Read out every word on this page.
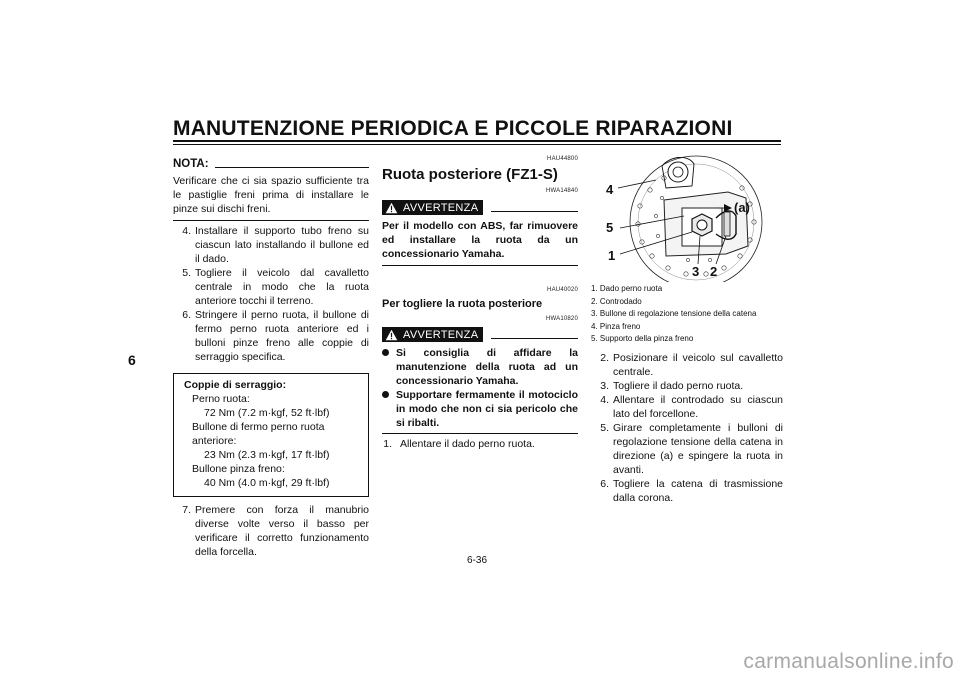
MANUTENZIONE PERIODICA E PICCOLE RIPARAZIONI
6
NOTA:
Verificare che ci sia spazio sufficiente tra le pastiglie freni prima di installare le pinze sui dischi freni.
4. Installare il supporto tubo freno su ciascun lato installando il bullone ed il dado.
5. Togliere il veicolo dal cavalletto centrale in modo che la ruota anteriore tocchi il terreno.
6. Stringere il perno ruota, il bullone di fermo perno ruota anteriore ed i bulloni pinze freno alle coppie di serraggio specifica.
Coppie di serraggio:
Perno ruota:
72 Nm (7.2 m·kgf, 52 ft·lbf)
Bullone di fermo perno ruota anteriore:
23 Nm (2.3 m·kgf, 17 ft·lbf)
Bullone pinza freno:
40 Nm (4.0 m·kgf, 29 ft·lbf)
7. Premere con forza il manubrio diverse volte verso il basso per verificare il corretto funzionamento della forcella.
HAU44800
Ruota posteriore (FZ1-S)
HWA14840
AVVERTENZA
Per il modello con ABS, far rimuovere ed installare la ruota da un concessionario Yamaha.
HAU40020
Per togliere la ruota posteriore
HWA10820
AVVERTENZA
Si consiglia di affidare la manutenzione della ruota ad un concessionario Yamaha.
Supportare fermamente il motociclo in modo che non ci sia pericolo che si ribalti.
1. Allentare il dado perno ruota.
4
5
1
3 2
(a)
1. Dado perno ruota
2. Controdado
3. Bullone di regolazione tensione della catena
4. Pinza freno
5. Supporto della pinza freno
2. Posizionare il veicolo sul cavalletto centrale.
3. Togliere il dado perno ruota.
4. Allentare il controdado su ciascun lato del forcellone.
5. Girare completamente i bulloni di regolazione tensione della catena in direzione (a) e spingere la ruota in avanti.
6. Togliere la catena di trasmissione dalla corona.
6-36
carmanualsonline.info
